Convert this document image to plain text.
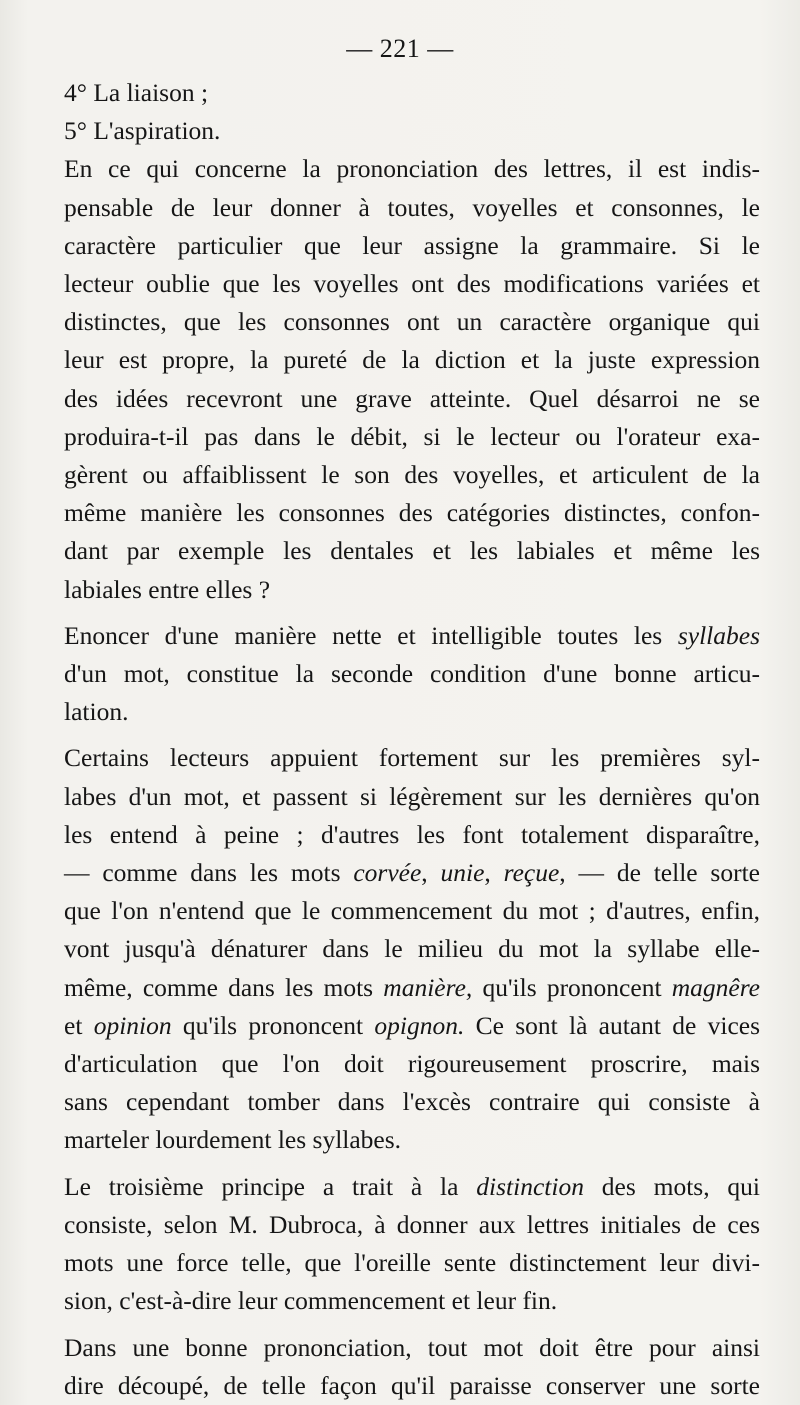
— 221 —
4° La liaison ;
5° L'aspiration.
En ce qui concerne la prononciation des lettres, il est indis-
pensable de leur donner à toutes, voyelles et consonnes, le
caractère particulier que leur assigne la grammaire. Si le
lecteur oublie que les voyelles ont des modifications variées et
distinctes, que les consonnes ont un caractère organique qui
leur est propre, la pureté de la diction et la juste expression
des idées recevront une grave atteinte. Quel désarroi ne se
produira-t-il pas dans le débit, si le lecteur ou l'orateur exa-
gèrent ou affaiblissent le son des voyelles, et articulent de la
même manière les consonnes des catégories distinctes, confon-
dant par exemple les dentales et les labiales et même les
labiales entre elles ?
Enoncer d'une manière nette et intelligible toutes les syllabes
d'un mot, constitue la seconde condition d'une bonne articu-
lation.
Certains lecteurs appuient fortement sur les premières syl-
labes d'un mot, et passent si légèrement sur les dernières qu'on
les entend à peine ; d'autres les font totalement disparaître,
— comme dans les mots corvée, unie, reçue, — de telle sorte
que l'on n'entend que le commencement du mot ; d'autres, enfin,
vont jusqu'à dénaturer dans le milieu du mot la syllabe elle-
même, comme dans les mots manière, qu'ils prononcent magnêre
et opinion qu'ils prononcent opignon. Ce sont là autant de vices
d'articulation que l'on doit rigoureusement proscrire, mais
sans cependant tomber dans l'excès contraire qui consiste à
marteler lourdement les syllabes.
Le troisième principe a trait à la distinction des mots, qui
consiste, selon M. Dubroca, à donner aux lettres initiales de ces
mots une force telle, que l'oreille sente distinctement leur divi-
sion, c'est-à-dire leur commencement et leur fin.
Dans une bonne prononciation, tout mot doit être pour ainsi
dire découpé, de telle façon qu'il paraisse conserver une sorte
